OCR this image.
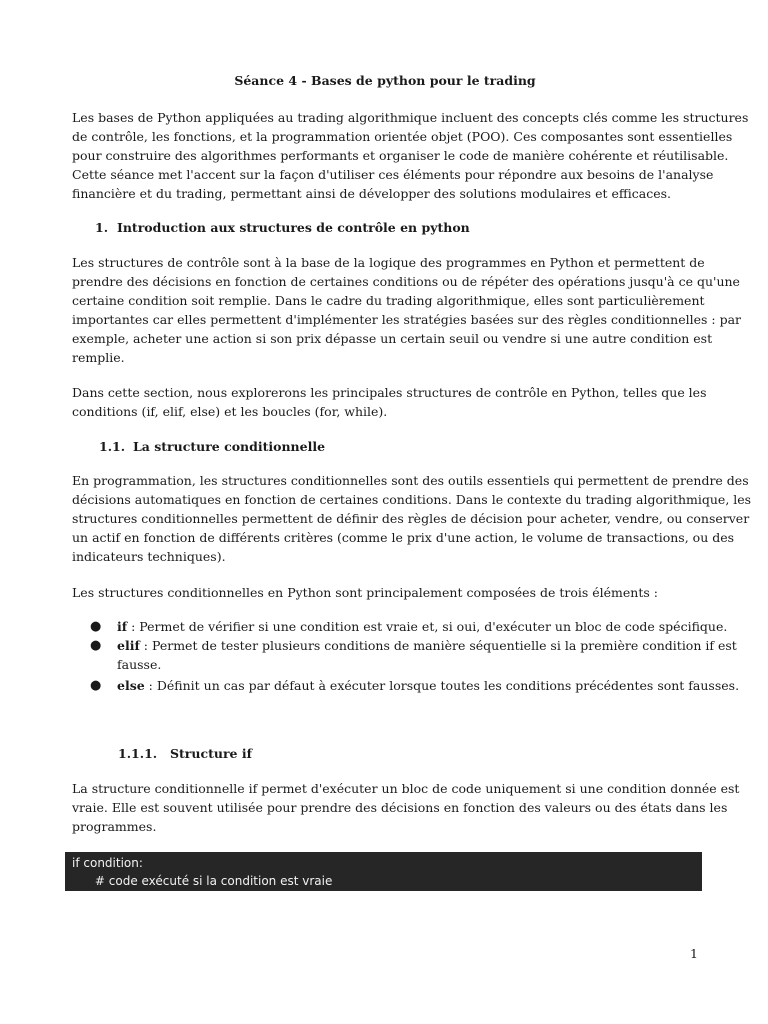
Séance 4 - Bases de python pour le trading

Les bases de Python appliquées au trading algorithmique incluent des concepts clés comme les structures
de contrôle, les fonctions, et la programmation orientée objet (POO). Ces composantes sont essentielles
pour construire des algorithmes performants et organiser le code de manière cohérente et réutilisable.
Cette séance met l'accent sur la façon d'utiliser ces éléments pour répondre aux besoins de l'analyse
financière et du trading, permettant ainsi de développer des solutions modulaires et efficaces.

1. Introduction aux structures de contrôle en python

Les structures de contrôle sont à la base de la logique des programmes en Python et permettent de
prendre des décisions en fonction de certaines conditions ou de répéter des opérations jusqu'à ce qu'une
certaine condition soit remplie. Dans le cadre du trading algorithmique, elles sont particulièrement
importantes car elles permettent d'implémenter les stratégies basées sur des règles conditionnelles : par
exemple, acheter une action si son prix dépasse un certain seuil ou vendre si une autre condition est
remplie.

Dans cette section, nous explorerons les principales structures de contrôle en Python, telles que les
conditions (if, elif, else) et les boucles (for, while).

1.1. La structure conditionnelle

En programmation, les structures conditionnelles sont des outils essentiels qui permettent de prendre des
décisions automatiques en fonction de certaines conditions. Dans le contexte du trading algorithmique, les
structures conditionnelles permettent de définir des règles de décision pour acheter, vendre, ou conserver
un actif en fonction de différents critères (comme le prix d'une action, le volume de transactions, ou des
indicateurs techniques).

Les structures conditionnelles en Python sont principalement composées de trois éléments :

●	if : Permet de vérifier si une condition est vraie et, si oui, d'exécuter un bloc de code spécifique.
●	elif : Permet de tester plusieurs conditions de manière séquentielle si la première condition if est
fausse.
●	else : Définit un cas par défaut à exécuter lorsque toutes les conditions précédentes sont fausses.
1.1.1. Structure if

La structure conditionnelle if permet d'exécuter un bloc de code uniquement si une condition donnée est
vraie. Elle est souvent utilisée pour prendre des décisions en fonction des valeurs ou des états dans les
programmes.

if condition:
# code exécuté si la condition est vraie
1
